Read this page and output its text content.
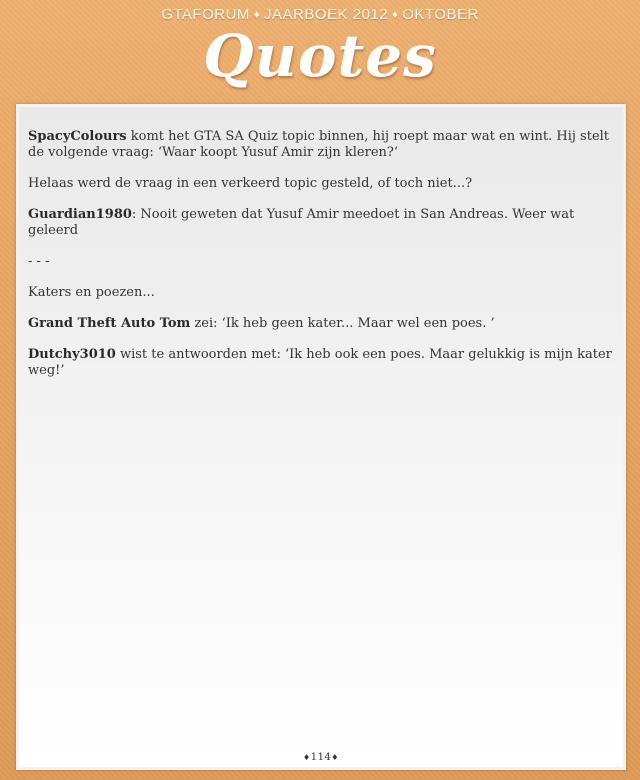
GTAFORUM ♦ JAARBOEK 2012 ♦ OKTOBER
Quotes

SpacyColours komt het GTA SA Quiz topic binnen, hij roept maar wat en wint. Hij stelt de volgende vraag: ‘Waar koopt Yusuf Amir zijn kleren?‘

Helaas werd de vraag in een verkeerd topic gesteld, of toch niet...?

Guardian1980: Nooit geweten dat Yusuf Amir meedoet in San Andreas. Weer wat geleerd

- - -

Katers en poezen...

Grand Theft Auto Tom zei: ‘Ik heb geen kater... Maar wel een poes. ’

Dutchy3010 wist te antwoorden met: ‘Ik heb ook een poes. Maar gelukkig is mijn kater weg!’

♦114♦
